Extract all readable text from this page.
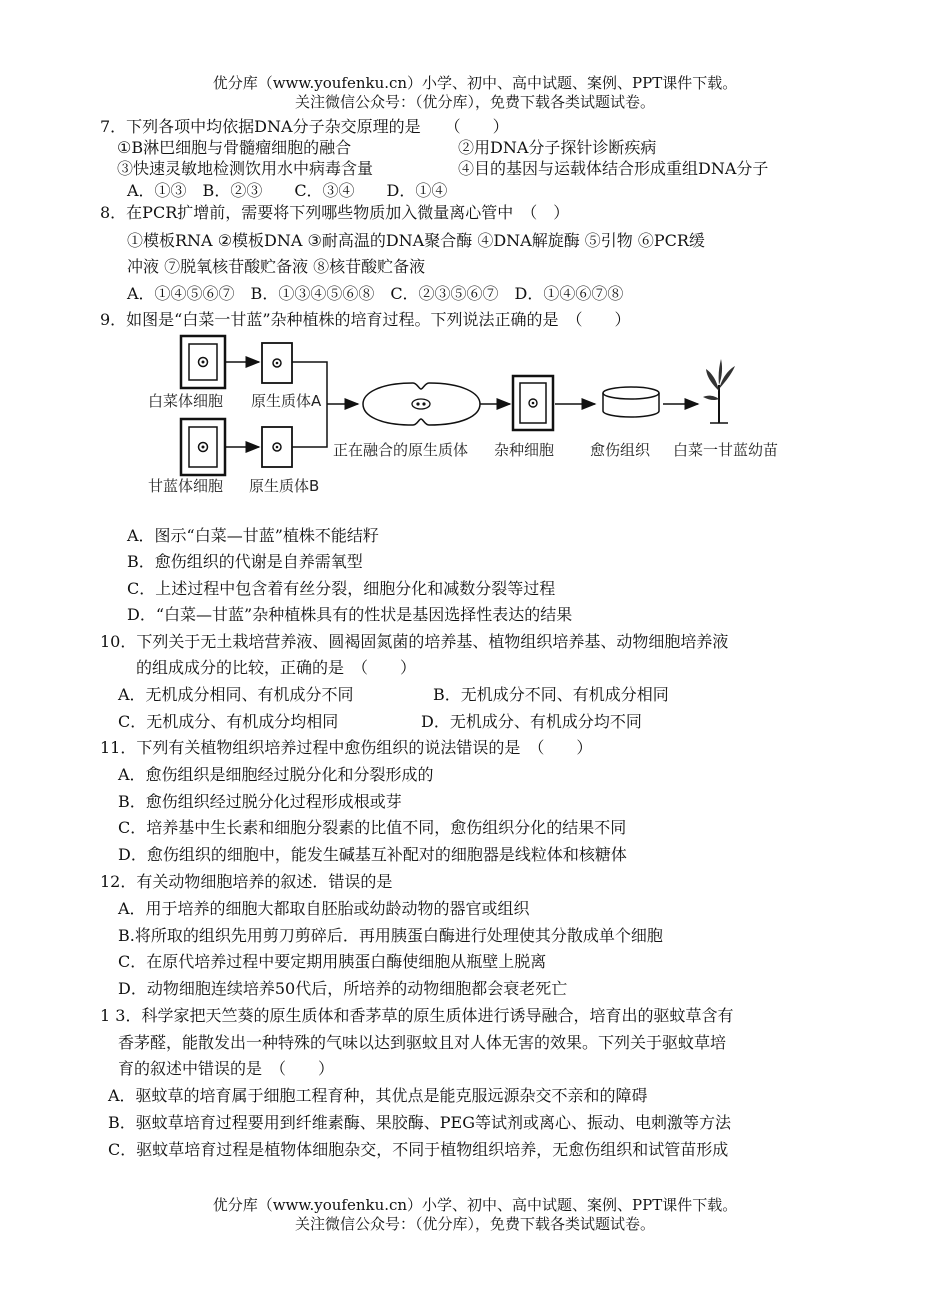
优分库（www.youfenku.cn）小学、初中、高中试题、案例、PPT课件下载。
关注微信公众号：（优分库），免费下载各类试题试卷。
7．下列各项中均依据DNA分子杂交原理的是　　（　　）
①B淋巴细胞与骨髓瘤细胞的融合	②用DNA分子探针诊断疾病
③快速灵敏地检测饮用水中病毒含量	④目的基因与运载体结合形成重组DNA分子
A．①③　B．②③　　C．③④　　D．①④
8．在PCR扩增前，需要将下列哪些物质加入微量离心管中　（　）
①模板RNA ②模板DNA ③耐高温的DNA聚合酶 ④DNA解旋酶 ⑤引物 ⑥PCR缓
冲液 ⑦脱氧核苷酸贮备液 ⑧核苷酸贮备液
A．①④⑤⑥⑦　B．①③④⑤⑥⑧　C．②③⑤⑥⑦　D．①④⑥⑦⑧
9．如图是“白菜一甘蓝”杂种植株的培育过程。下列说法正确的是　（　　）
白菜体细胞 原生质体A
甘蓝体细胞 原生质体B
正在融合的原生质体 杂种细胞 愈伤组织 白菜一甘蓝幼苗
A．图示“白菜—甘蓝”植株不能结籽
B．愈伤组织的代谢是自养需氧型
C．上述过程中包含着有丝分裂，细胞分化和减数分裂等过程
D．“白菜—甘蓝”杂种植株具有的性状是基因选择性表达的结果
10．下列关于无土栽培营养液、圆褐固氮菌的培养基、植物组织培养基、动物细胞培养液
的组成成分的比较，正确的是　（　　）
A．无机成分相同、有机成分不同	B．无机成分不同、有机成分相同
C．无机成分、有机成分均相同	D．无机成分、有机成分均不同
11．下列有关植物组织培养过程中愈伤组织的说法错误的是　（　　）
A．愈伤组织是细胞经过脱分化和分裂形成的
B．愈伤组织经过脱分化过程形成根或芽
C．培养基中生长素和细胞分裂素的比值不同，愈伤组织分化的结果不同
D．愈伤组织的细胞中，能发生碱基互补配对的细胞器是线粒体和核糖体
12．有关动物细胞培养的叙述．错误的是
A．用于培养的细胞大都取自胚胎或幼龄动物的器官或组织
B.将所取的组织先用剪刀剪碎后．再用胰蛋白酶进行处理使其分散成单个细胞
C．在原代培养过程中要定期用胰蛋白酶使细胞从瓶壁上脱离
D．动物细胞连续培养50代后，所培养的动物细胞都会衰老死亡
1 3．科学家把天竺葵的原生质体和香茅草的原生质体进行诱导融合，培育出的驱蚊草含有
香茅醛，能散发出一种特殊的气味以达到驱蚊且对人体无害的效果。下列关于驱蚊草培
育的叙述中错误的是　（　　）
A．驱蚊草的培育属于细胞工程育种，其优点是能克服远源杂交不亲和的障碍
B．驱蚊草培育过程要用到纤维素酶、果胶酶、PEG等试剂或离心、振动、电刺激等方法
C．驱蚊草培育过程是植物体细胞杂交，不同于植物组织培养，无愈伤组织和试管苗形成
优分库（www.youfenku.cn）小学、初中、高中试题、案例、PPT课件下载。
关注微信公众号：（优分库），免费下载各类试题试卷。
